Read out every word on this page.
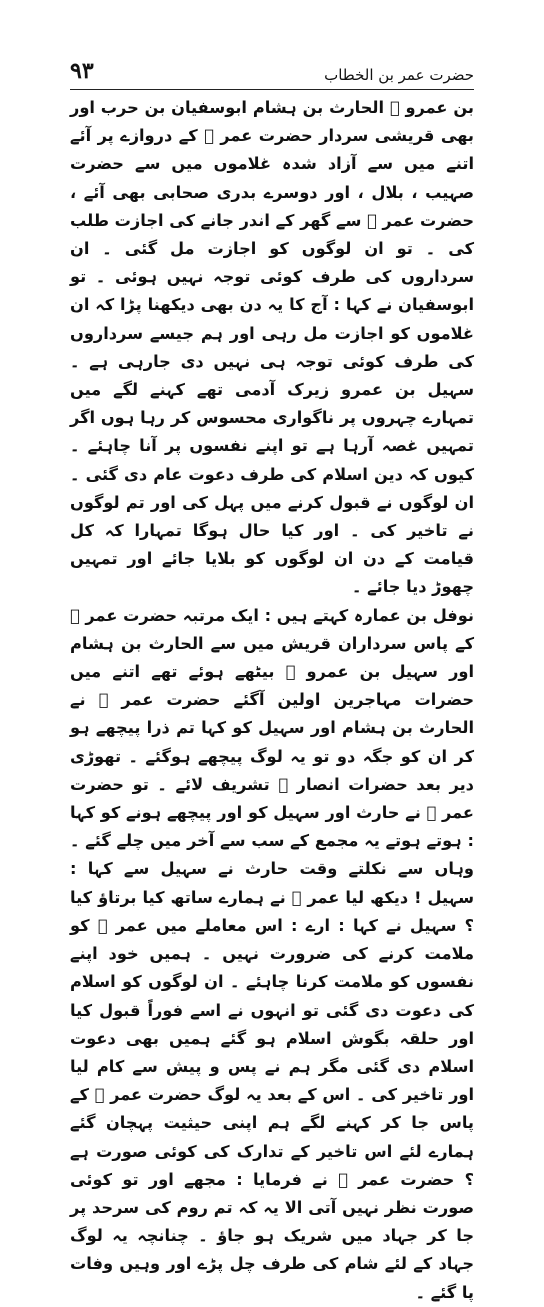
٩٣	حضرت عمر بن الخطاب

بن عمرو ﷜ الحارث بن ہشام ابوسفیان بن حرب اور بھی قریشی سردار حضرت عمر ﷜ کے دروازے پر آئے اتنے میں سے آزاد شدہ غلاموں میں سے حضرت صہیب ، بلال ، اور دوسرے بدری صحابی بھی آئے ، حضرت عمر ﷜ سے گھر کے اندر جانے کی اجازت طلب کی ۔ تو ان لوگوں کو اجازت مل گئی ۔ ان سرداروں کی طرف کوئی توجہ نہیں ہوئی ۔ تو ابوسفیان نے کہا : آج کا یہ دن بھی دیکھنا پڑا کہ ان غلاموں کو اجازت مل رہی اور ہم جیسے سرداروں کی طرف کوئی توجہ ہی نہیں دی جارہی ہے ۔ سہیل بن عمرو زیرک آدمی تھے کہنے لگے میں تمہارے چہروں پر ناگواری محسوس کر رہا ہوں اگر تمہیں غصہ آرہا ہے تو اپنے نفسوں پر آنا چاہئے ۔ کیوں کہ دین اسلام کی طرف دعوت عام دی گئی ۔ ان لوگوں نے قبول کرنے میں پہل کی اور تم لوگوں نے تاخیر کی ۔ اور کیا حال ہوگا تمہارا کہ کل قیامت کے دن ان لوگوں کو بلایا جائے اور تمہیں چھوڑ دیا جائے ۔

نوفل بن عمارہ کہتے ہیں : ایک مرتبہ حضرت عمر ﷜ کے پاس سرداران قریش میں سے الحارث بن ہشام اور سہیل بن عمرو ﷜ بیٹھے ہوئے تھے اتنے میں حضرات مہاجرین اولین آگئے حضرت عمر ﷜ نے الحارث بن ہشام اور سہیل کو کہا تم ذرا پیچھے ہو کر ان کو جگہ دو تو یہ لوگ پیچھے ہوگئے ۔ تھوڑی دیر بعد حضرات انصار ﷜ تشریف لائے ۔ تو حضرت عمر ﷜ نے حارث اور سہیل کو اور پیچھے ہونے کو کہا : ہوتے ہوتے یہ مجمع کے سب سے آخر میں چلے گئے ۔ وہاں سے نکلتے وقت حارث نے سہیل سے کہا : سہیل ! دیکھ لیا عمر ﷜ نے ہمارے ساتھ کیا برتاؤ کیا ؟ سہیل نے کہا : ارے : اس معاملے میں عمر ﷜ کو ملامت کرنے کی ضرورت نہیں ۔ ہمیں خود اپنے نفسوں کو ملامت کرنا چاہئے ۔ ان لوگوں کو اسلام کی دعوت دی گئی تو انہوں نے اسے فوراً قبول کیا اور حلقہ بگوش اسلام ہو گئے ہمیں بھی دعوت اسلام دی گئی مگر ہم نے پس و پیش سے کام لیا اور تاخیر کی ۔ اس کے بعد یہ لوگ حضرت عمر ﷜ کے پاس جا کر کہنے لگے ہم اپنی حیثیت پہچان گئے ہمارے لئے اس تاخیر کے تدارک کی کوئی صورت ہے ؟ حضرت عمر ﷜ نے فرمایا : مجھے اور تو کوئی صورت نظر نہیں آتی الا یہ کہ تم روم کی سرحد پر جا کر جہاد میں شریک ہو جاؤ ۔ چنانچہ یہ لوگ جہاد کے لئے شام کی طرف چل پڑے اور وہیں وفات پا گئے ۔
